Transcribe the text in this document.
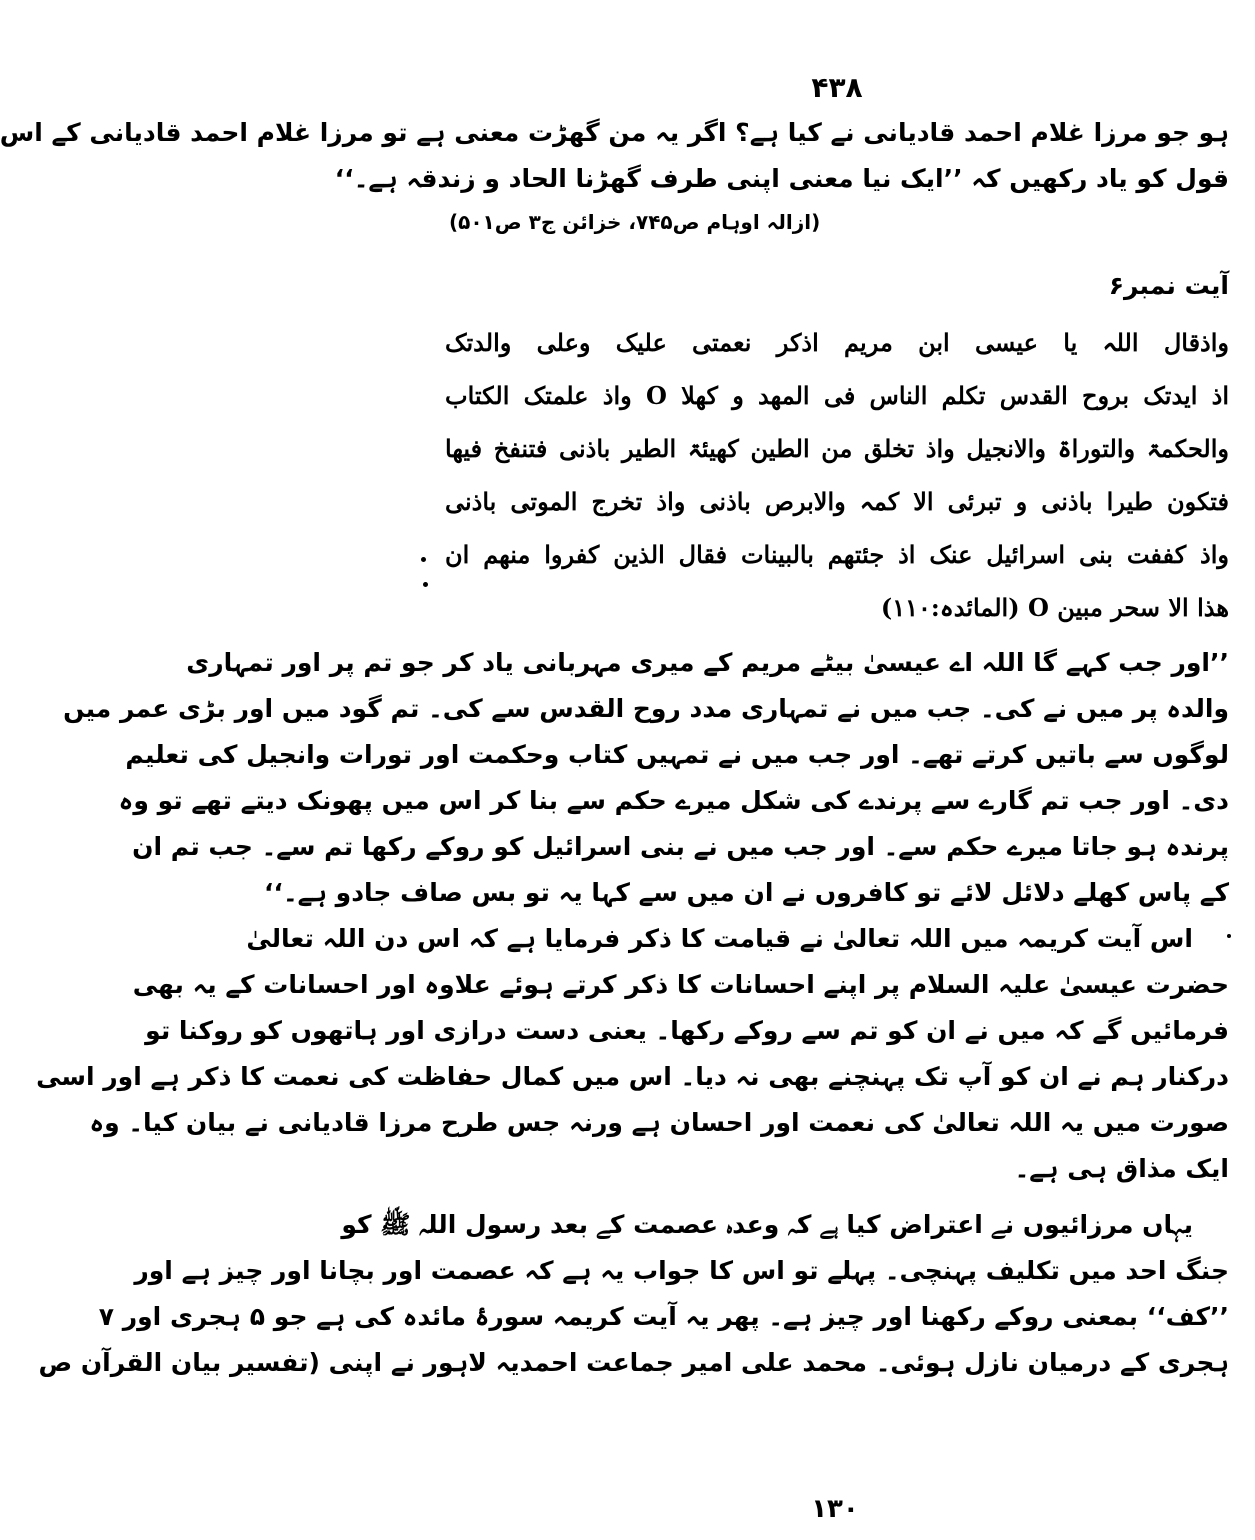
۴۳۸
ہو جو مرزا غلام احمد قادیانی نے کیا ہے؟ اگر یہ من گھڑت معنی ہے تو مرزا غلام احمد قادیانی کے اس
قول کو یاد رکھیں کہ ’’ایک نیا معنی اپنی طرف گھڑنا الحاد و زندقہ ہے۔‘‘
(ازالہ اوہام ص۷۴۵، خزائن ج۳ ص۵۰۱)
آیت نمبر۶
واذقال اللہ یا عیسی ابن مریم اذکر نعمتی علیک وعلی والدتک
اذ ایدتک بروح القدس تکلم الناس فی المھد و کھلا O واذ علمتک الکتاب
والحکمۃ والتوراۃ والانجیل واذ تخلق من الطین کھیئۃ الطیر باذنی فتنفخ فیھا
فتکون طیرا باذنی و تبرئی الا کمہ والابرص باذنی واذ تخرج الموتی باذنی
واذ کففت بنی اسرائیل عنک اذ جئتھم بالبینات فقال الذین کفروا منھم ان
ھذا الا سحر مبین O (المائدہ:۱۱۰)
’’اور جب کہے گا اللہ اے عیسیٰ بیٹے مریم کے میری مہربانی یاد کر جو تم پر اور تمہاری
والدہ پر میں نے کی۔ جب میں نے تمہاری مدد روح القدس سے کی۔ تم گود میں اور بڑی عمر میں
لوگوں سے باتیں کرتے تھے۔ اور جب میں نے تمہیں کتاب وحکمت اور تورات وانجیل کی تعلیم
دی۔ اور جب تم گارے سے پرندے کی شکل میرے حکم سے بنا کر اس میں پھونک دیتے تھے تو وہ
پرندہ ہو جاتا میرے حکم سے۔ اور جب میں نے بنی اسرائیل کو روکے رکھا تم سے۔ جب تم ان
کے پاس کھلے دلائل لائے تو کافروں نے ان میں سے کہا یہ تو بس صاف جادو ہے۔‘‘
اس آیت کریمہ میں اللہ تعالیٰ نے قیامت کا ذکر فرمایا ہے کہ اس دن اللہ تعالیٰ
حضرت عیسیٰ علیہ السلام پر اپنے احسانات کا ذکر کرتے ہوئے علاوہ اور احسانات کے یہ بھی
فرمائیں گے کہ میں نے ان کو تم سے روکے رکھا۔ یعنی دست درازی اور ہاتھوں کو روکنا تو
درکنار ہم نے ان کو آپ تک پہنچنے بھی نہ دیا۔ اس میں کمال حفاظت کی نعمت کا ذکر ہے اور اسی
صورت میں یہ اللہ تعالیٰ کی نعمت اور احسان ہے ورنہ جس طرح مرزا قادیانی نے بیان کیا۔ وہ
ایک مذاق ہی ہے۔
یہاں مرزائیوں نے اعتراض کیا ہے کہ وعدہ عصمت کے بعد رسول اللہ ﷺ کو
جنگ احد میں تکلیف پہنچی۔ پہلے تو اس کا جواب یہ ہے کہ عصمت اور بچانا اور چیز ہے اور
’’کف‘‘ بمعنی روکے رکھنا اور چیز ہے۔ پھر یہ آیت کریمہ سورۂ مائدہ کی ہے جو ۵ ہجری اور ۷
ہجری کے درمیان نازل ہوئی۔ محمد علی امیر جماعت احمدیہ لاہور نے اپنی (تفسیر بیان القرآن ص
۱۳۰
